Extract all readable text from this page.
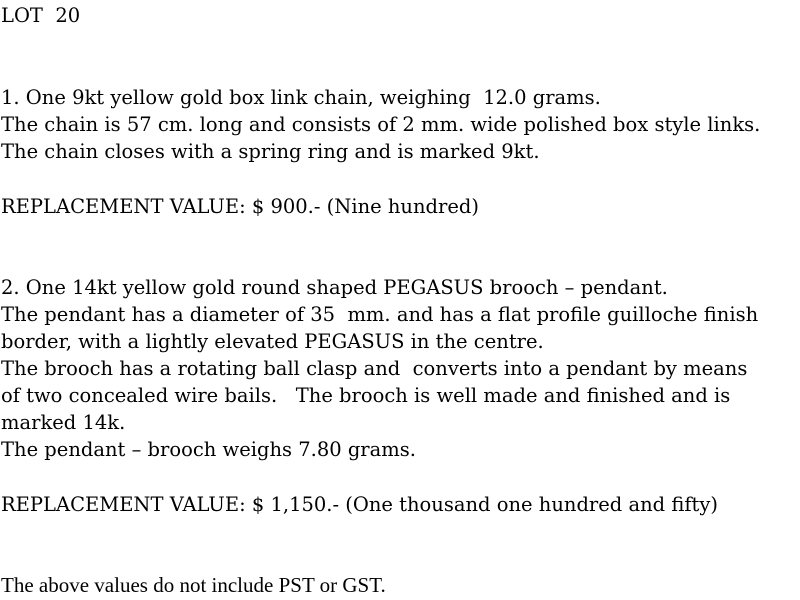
LOT  20
1. One 9kt yellow gold box link chain, weighing  12.0 grams.
The chain is 57 cm. long and consists of 2 mm. wide polished box style links.
The chain closes with a spring ring and is marked 9kt.
REPLACEMENT VALUE: $ 900.- (Nine hundred)
2. One 14kt yellow gold round shaped PEGASUS brooch – pendant.
The pendant has a diameter of 35  mm. and has a flat profile guilloche finish
border, with a lightly elevated PEGASUS in the centre.
The brooch has a rotating ball clasp and  converts into a pendant by means
of two concealed wire bails.   The brooch is well made and finished and is
marked 14k.
The pendant – brooch weighs 7.80 grams.
REPLACEMENT VALUE: $ 1,150.- (One thousand one hundred and fifty)
The above values do not include PST or GST.
